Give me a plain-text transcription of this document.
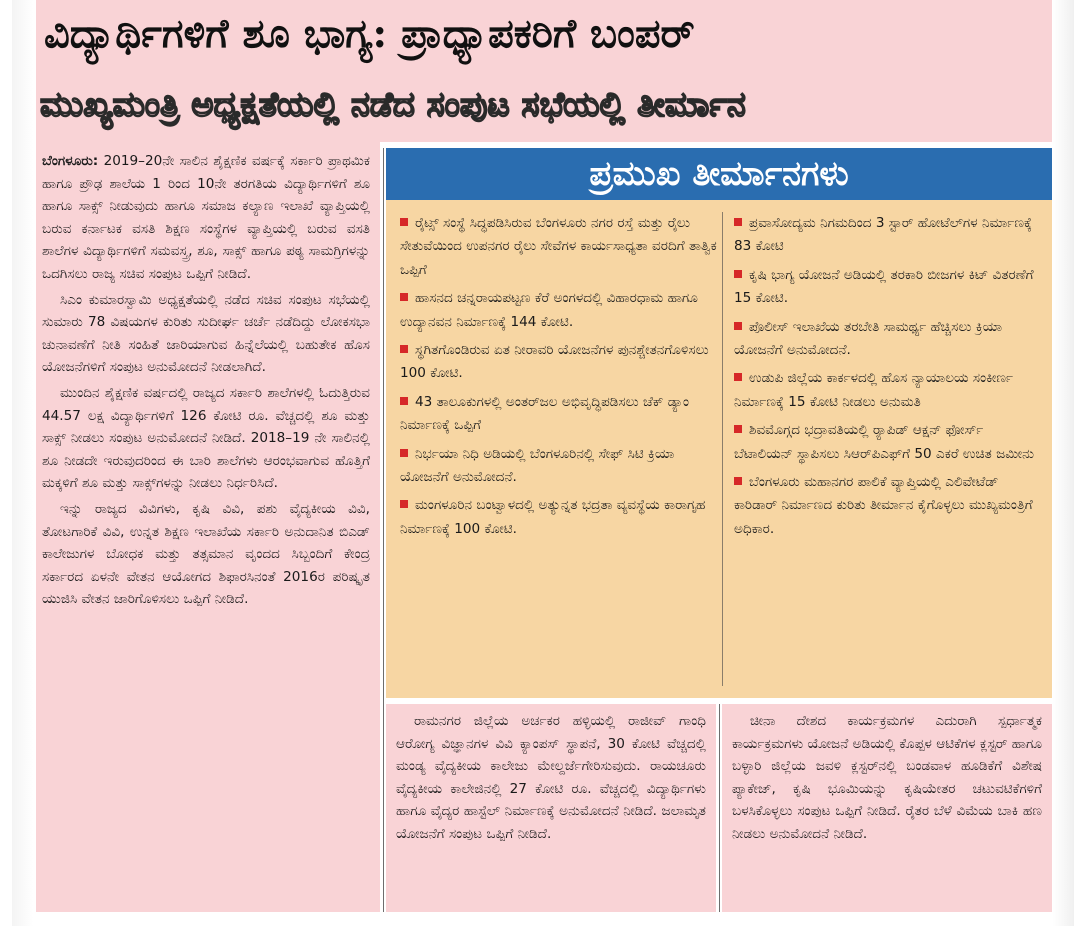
ವಿದ್ಯಾರ್ಥಿಗಳಿಗೆ ಶೂ ಭಾಗ್ಯ: ಪ್ರಾಧ್ಯಾಪಕರಿಗೆ ಬಂಪರ್
ಮುಖ್ಯಮಂತ್ರಿ ಅಧ್ಯಕ್ಷತೆಯಲ್ಲಿ ನಡೆದ ಸಂಪುಟ ಸಭೆಯಲ್ಲಿ ತೀರ್ಮಾನ

ಬೆಂಗಳೂರು: 2019–20ನೇ ಸಾಲಿನ ಶೈಕ್ಷಣಿಕ ವರ್ಷಕ್ಕೆ ಸರ್ಕಾರಿ ಪ್ರಾಥಮಿಕ ಹಾಗೂ ಪ್ರೌಢ ಶಾಲೆಯ 1 ರಿಂದ 10ನೇ ತರಗತಿಯ ವಿದ್ಯಾರ್ಥಿಗಳಿಗೆ ಶೂ ಹಾಗೂ ಸಾಕ್ಸ್ ನೀಡುವುದು ಹಾಗೂ ಸಮಾಜ ಕಲ್ಯಾಣ ಇಲಾಖೆ ವ್ಯಾಪ್ತಿಯಲ್ಲಿ ಬರುವ ಕರ್ನಾಟಕ ವಸತಿ ಶಿಕ್ಷಣ ಸಂಸ್ಥೆಗಳ ವ್ಯಾಪ್ತಿಯಲ್ಲಿ ಬರುವ ವಸತಿ ಶಾಲೆಗಳ ವಿದ್ಯಾರ್ಥಿಗಳಿಗೆ ಸಮವಸ್ತ್ರ, ಶೂ, ಸಾಕ್ಸ್ ಹಾಗೂ ಪಠ್ಯ ಸಾಮಗ್ರಿಗಳನ್ನು ಒದಗಿಸಲು ರಾಜ್ಯ ಸಚಿವ ಸಂಪುಟ ಒಪ್ಪಿಗೆ ನೀಡಿದೆ.

ಸಿಎಂ ಕುಮಾರಸ್ವಾಮಿ ಅಧ್ಯಕ್ಷತೆಯಲ್ಲಿ ನಡೆದ ಸಚಿವ ಸಂಪುಟ ಸಭೆಯಲ್ಲಿ ಸುಮಾರು 78 ವಿಷಯಗಳ ಕುರಿತು ಸುದೀರ್ಘ ಚರ್ಚೆ ನಡೆದಿದ್ದು ಲೋಕಸಭಾ ಚುನಾವಣೆಗೆ ನೀತಿ ಸಂಹಿತೆ ಜಾರಿಯಾಗುವ ಹಿನ್ನೆಲೆಯಲ್ಲಿ ಬಹುತೇಕ ಹೊಸ ಯೋಜನೆಗಳಿಗೆ ಸಂಪುಟ ಅನುಮೋದನೆ ನೀಡಲಾಗಿದೆ.

ಮುಂದಿನ ಶೈಕ್ಷಣಿಕ ವರ್ಷದಲ್ಲಿ ರಾಜ್ಯದ ಸರ್ಕಾರಿ ಶಾಲೆಗಳಲ್ಲಿ ಓದುತ್ತಿರುವ 44.57 ಲಕ್ಷ ವಿದ್ಯಾರ್ಥಿಗಳಿಗೆ 126 ಕೋಟಿ ರೂ. ವೆಚ್ಚದಲ್ಲಿ ಶೂ ಮತ್ತು ಸಾಕ್ಸ್ ನೀಡಲು ಸಂಪುಟ ಅನುಮೋದನೆ ನೀಡಿದೆ. 2018–19 ನೇ ಸಾಲಿನಲ್ಲಿ ಶೂ ನೀಡದೇ ಇರುವುದರಿಂದ ಈ ಬಾರಿ ಶಾಲೆಗಳು ಆರಂಭವಾಗುವ ಹೊತ್ತಿಗೆ ಮಕ್ಕಳಿಗೆ ಶೂ ಮತ್ತು ಸಾಕ್ಸ್‌ಗಳನ್ನು ನೀಡಲು ನಿರ್ಧರಿಸಿದೆ.

ಇನ್ನು ರಾಜ್ಯದ ವಿವಿಗಳು, ಕೃಷಿ ವಿವಿ, ಪಶು ವೈದ್ಯಕೀಯ ವಿವಿ, ತೋಟಗಾರಿಕೆ ವಿವಿ, ಉನ್ನತ ಶಿಕ್ಷಣ ಇಲಾಖೆಯ ಸರ್ಕಾರಿ ಅನುದಾನಿತ ಬಿಎಡ್ ಕಾಲೇಜುಗಳ ಬೋಧಕ ಮತ್ತು ತತ್ಸಮಾನ ವೃಂದದ ಸಿಬ್ಬಂದಿಗೆ ಕೇಂದ್ರ ಸರ್ಕಾರದ ಏಳನೇ ವೇತನ ಆಯೋಗದ ಶಿಫಾರಸಿನಂತೆ 2016ರ ಪರಿಷ್ಕೃತ ಯುಜಿಸಿ ವೇತನ ಜಾರಿಗೊಳಿಸಲು ಒಪ್ಪಿಗೆ ನೀಡಿದೆ.

ಪ್ರಮುಖ ತೀರ್ಮಾನಗಳು
ರೈಟ್ಸ್ ಸಂಸ್ಥೆ ಸಿದ್ಧಪಡಿಸಿರುವ ಬೆಂಗಳೂರು ನಗರ ರಸ್ತೆ ಮತ್ತು ರೈಲು ಸೇತುವೆಯಿಂದ ಉಪನಗರ ರೈಲು ಸೇವೆಗಳ ಕಾರ್ಯಸಾಧ್ಯತಾ ವರದಿಗೆ ತಾತ್ವಿಕ ಒಪ್ಪಿಗೆ
ಹಾಸನದ ಚನ್ನರಾಯಪಟ್ಟಣ ಕೆರೆ ಅಂಗಳದಲ್ಲಿ ವಿಹಾರಧಾಮ ಹಾಗೂ ಉದ್ಯಾನವನ ನಿರ್ಮಾಣಕ್ಕೆ 144 ಕೋಟಿ.
ಸ್ಥಗಿತಗೊಂಡಿರುವ ಏತ ನೀರಾವರಿ ಯೋಜನೆಗಳ ಪುನಶ್ಚೇತನಗೊಳಿಸಲು 100 ಕೋಟಿ.
43 ತಾಲೂಕುಗಳಲ್ಲಿ ಅಂತರ್‌ಜಲ ಅಭಿವೃದ್ಧಿಪಡಿಸಲು ಚೆಕ್ ಡ್ಯಾಂ ನಿರ್ಮಾಣಕ್ಕೆ ಒಪ್ಪಿಗೆ
ನಿರ್ಭಯಾ ನಿಧಿ ಅಡಿಯಲ್ಲಿ ಬೆಂಗಳೂರಿನಲ್ಲಿ ಸೇಫ್ ಸಿಟಿ ಕ್ರಿಯಾ ಯೋಜನೆಗೆ ಅನುಮೋದನೆ.
ಮಂಗಳೂರಿನ ಬಂಟ್ವಾಳದಲ್ಲಿ ಅತ್ಯುನ್ನತ ಭದ್ರತಾ ವ್ಯವಸ್ಥೆಯ ಕಾರಾಗೃಹ ನಿರ್ಮಾಣಕ್ಕೆ 100 ಕೋಟಿ.
ಪ್ರವಾಸೋದ್ಯಮ ನಿಗಮದಿಂದ 3 ಸ್ಟಾರ್ ಹೋಟೆಲ್‌ಗಳ ನಿರ್ಮಾಣಕ್ಕೆ 83 ಕೋಟಿ
ಕೃಷಿ ಭಾಗ್ಯ ಯೋಜನೆ ಅಡಿಯಲ್ಲಿ ತರಕಾರಿ ಬೀಜಗಳ ಕಿಟ್ ವಿತರಣೆಗೆ 15 ಕೋಟಿ.
ಪೊಲೀಸ್ ಇಲಾಖೆಯ ತರಬೇತಿ ಸಾಮರ್ಥ್ಯ ಹೆಚ್ಚಿಸಲು ಕ್ರಿಯಾ ಯೋಜನೆಗೆ ಅನುಮೋದನೆ.
ಉಡುಪಿ ಜಿಲ್ಲೆಯ ಕಾರ್ಕಳದಲ್ಲಿ ಹೊಸ ನ್ಯಾಯಾಲಯ ಸಂಕೀರ್ಣ ನಿರ್ಮಾಣಕ್ಕೆ 15 ಕೋಟಿ ನೀಡಲು ಅನುಮತಿ
ಶಿವಮೊಗ್ಗದ ಭದ್ರಾವತಿಯಲ್ಲಿ ರ‍್ಯಾಪಿಡ್ ಆಕ್ಷನ್ ಫೋರ್ಸ್ ಬೆಟಾಲಿಯನ್ ಸ್ಥಾಪಿಸಲು ಸಿಆರ್‌ಪಿಎಫ್‌ಗೆ 50 ಎಕರೆ ಉಚಿತ ಜಮೀನು
ಬೆಂಗಳೂರು ಮಹಾನಗರ ಪಾಲಿಕೆ ವ್ಯಾಪ್ತಿಯಲ್ಲಿ ಎಲಿವೇಟೆಡ್ ಕಾರಿಡಾರ್ ನಿರ್ಮಾಣದ ಕುರಿತು ತೀರ್ಮಾನ ಕೈಗೊಳ್ಳಲು ಮುಖ್ಯಮಂತ್ರಿಗೆ ಅಧಿಕಾರ.

ರಾಮನಗರ ಜಿಲ್ಲೆಯ ಅರ್ಚಕರ ಹಳ್ಳಿಯಲ್ಲಿ ರಾಜೀವ್ ಗಾಂಧಿ ಆರೋಗ್ಯ ವಿಜ್ಞಾನಗಳ ವಿವಿ ಕ್ಯಾಂಪಸ್ ಸ್ಥಾಪನೆ, 30 ಕೋಟಿ ವೆಚ್ಚದಲ್ಲಿ ಮಂಡ್ಯ ವೈದ್ಯಕೀಯ ಕಾಲೇಜು ಮೇಲ್ದರ್ಜೆಗೇರಿಸುವುದು. ರಾಯಚೂರು ವೈದ್ಯಕೀಯ ಕಾಲೇಜಿನಲ್ಲಿ 27 ಕೋಟಿ ರೂ. ವೆಚ್ಚದಲ್ಲಿ ವಿದ್ಯಾರ್ಥಿಗಳು ಹಾಗೂ ವೈದ್ಯರ ಹಾಸ್ಟೆಲ್ ನಿರ್ಮಾಣಕ್ಕೆ ಅನುಮೋದನೆ ನೀಡಿದೆ. ಜಲಾಮೃತ ಯೋಜನೆಗೆ ಸಂಪುಟ ಒಪ್ಪಿಗೆ ನೀಡಿದೆ.

ಚೀನಾ ದೇಶದ ಕಾರ್ಯಕ್ರಮಗಳ ಎದುರಾಗಿ ಸ್ಪರ್ಧಾತ್ಮಕ ಕಾರ್ಯಕ್ರಮಗಳು ಯೋಜನೆ ಅಡಿಯಲ್ಲಿ ಕೊಪ್ಪಳ ಆಟಿಕೆಗಳ ಕ್ಲಸ್ಟರ್ ಹಾಗೂ ಬಳ್ಳಾರಿ ಜಿಲ್ಲೆಯ ಜವಳಿ ಕ್ಲಸ್ಟರ್‌ನಲ್ಲಿ ಬಂಡವಾಳ ಹೂಡಿಕೆಗೆ ವಿಶೇಷ ಪ್ಯಾಕೇಜ್, ಕೃಷಿ ಭೂಮಿಯನ್ನು ಕೃಷಿಯೇತರ ಚಟುವಟಿಕೆಗಳಿಗೆ ಬಳಸಿಕೊಳ್ಳಲು ಸಂಪುಟ ಒಪ್ಪಿಗೆ ನೀಡಿದೆ. ರೈತರ ಬೆಳೆ ವಿಮೆಯ ಬಾಕಿ ಹಣ ನೀಡಲು ಅನುಮೋದನೆ ನೀಡಿದೆ.
